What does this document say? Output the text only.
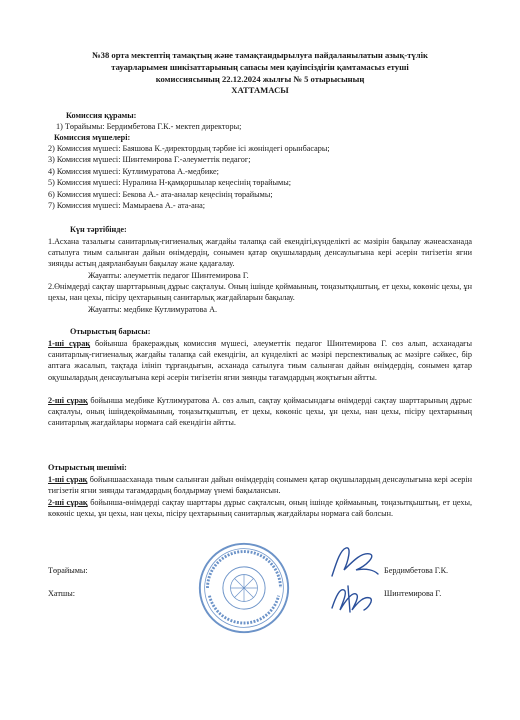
№38 орта мектептің тамақтың және тамақтандырылуға пайдаланылатын азық-түлік
тауарларымен шикізаттарының сапасы мен қауіпсіздігін қамтамасыз етуші
комиссиясының 22.12.2024 жылғы № 5 отырысының
ХАТТАМАСЫ
Комиссия құрамы:
1) Төрайымы: Бердимбетова Г.К.- мектеп директоры;
Комиссия мүшелері:
2) Комиссия мүшесі: Баяшова К.-директордың тәрбие ісі жөніндегі орынбасары;
3) Комиссия мүшесі: Шинтемирова Г.-әлеуметтік педагог;
4) Комиссия мүшесі: Кутлимуратова А.-медбике;
5) Комиссия мүшесі: Нуралина Н-қамқоршылар кеңесінің төрайымы;
6) Комиссия мүшесі: Бекова А.- ата-аналар кеңесінің төрайымы;
7) Комиссия мүшесі: Мамыраева А.- ата-ана;
Күн тәртібінде:
1.Асхана тазалығы санитарлық-гигиеналық жағдайы талапқа сай екендігі,күнделікті ас мәзірін бақылау жәнеасханада сатылуға тиым салынған дайын өнімдердің, сонымен қатар оқушылардың денсаулығына кері әсерін тигізетін ягни зиянды астың даярланбауын бақылау және қадағалау.
Жауапты: әлеуметтік педагог Шинтемирова Г.
2.Өнімдерді сақтау шарттарының дұрыс сақталуы. Оның ішінде қоймаының, тоңазытқыштың, ет цехы, көкөніс цехы, ұн цехы, нан цехы, пісіру цехтарының санитарлық жағдайларын бақылау.
Жауапты: медбике Кутлимуратова А.
Отырыстың барысы:
1-ші сұрақ бойынша бракераждық комиссия мүшесі, әлеуметтік педагог Шинтемирова Г. сөз алып, асханадағы санитарлық-гигиеналық жағдайы талапқа сай екендігін, ал күнделікті ас мәзірі перспективалық ас мәзірге сәйкес, бір аптаға жасалып, тақтада ілініп тұрғандығын, асханада сатылуға тиым салынған дайын өнімдердің, сонымен қатар оқушылардың денсаулығына кері әсерін тигізетін ягни зиянды тағамдардың жоқтығын айтты.
2-ші сұрақ бойынша медбике Кутлимуратова А. сөз алып, сақтау қоймасындағы өнімдерді сақтау шарттарының дұрыс сақталуы, оның ішіндеқоймаының, тоңазытқыштың, ет цехы, көкөніс цехы, ұн цехы, нан цехы, пісіру цехтарының санитарлық жағдайлары нормаға сай екендігін айтты.
Отырыстың шешімі:
1-ші сұрақ бойыншаасханада тиым салынған дайын өнімдердің сонымен қатар оқушылардың денсаулығына кері әсерін тигізетін ягни зиянды тағамдардың болдырмау үнемі бақылансын.
2-ші сұрақ бойынша-өнімдерді сақтау шарттары дұрыс сақталсын, оның ішінде қоймаының, тоңазытқыштың, ет цехы, көкөніс цехы, ұн цехы, нан цехы, пісіру цехтарының санитарлық жағдайлары нормаға сай болсын.
Төрайымы:
Хатшы:
Бердимбетова Г.К.
Шинтемирова Г.
